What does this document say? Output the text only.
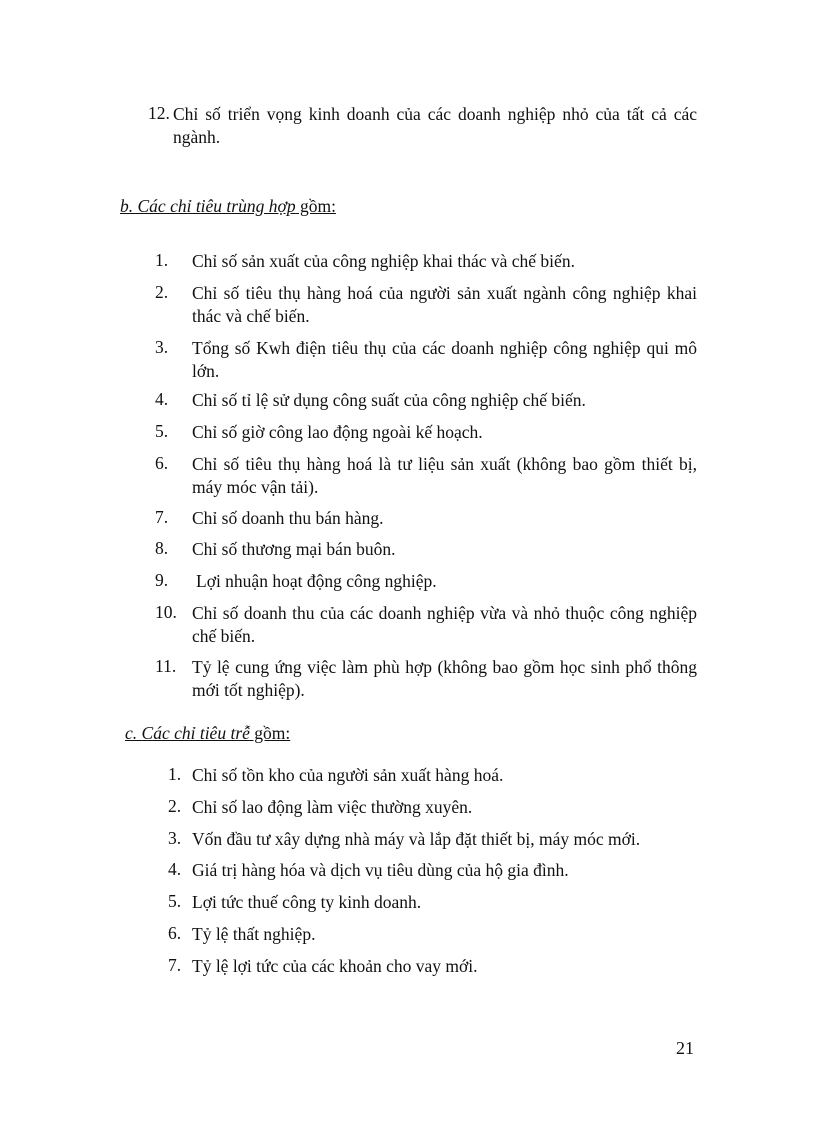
12. Chỉ số triển vọng kinh doanh của các doanh nghiệp nhỏ của tất cả các ngành.
b. Các chỉ tiêu trùng hợp gồm:
1. Chỉ số sản xuất của công nghiệp khai thác và chế biến.
2. Chỉ số tiêu thụ hàng hoá của người sản xuất ngành công nghiệp khai thác và chế biến.
3. Tổng số Kwh điện tiêu thụ của các doanh nghiệp công nghiệp qui mô lớn.
4. Chỉ số tỉ lệ sử dụng công suất của công nghiệp chế biến.
5. Chỉ số giờ công lao động ngoài kế hoạch.
6. Chỉ số tiêu thụ hàng hoá là tư liệu sản xuất (không bao gồm thiết bị, máy móc vận tải).
7. Chỉ số doanh thu bán hàng.
8. Chỉ số thương mại bán buôn.
9. Lợi nhuận hoạt động công nghiệp.
10. Chỉ số doanh thu của các doanh nghiệp vừa và nhỏ thuộc công nghiệp chế biến.
11. Tỷ lệ cung ứng việc làm phù hợp (không bao gồm học sinh phổ thông mới tốt nghiệp).
c. Các chỉ tiêu trễ gồm:
1. Chỉ số tồn kho của người sản xuất hàng hoá.
2. Chỉ số lao động làm việc thường xuyên.
3. Vốn đầu tư xây dựng nhà máy và lắp đặt thiết bị, máy móc mới.
4. Giá trị hàng hóa và dịch vụ tiêu dùng của hộ gia đình.
5. Lợi tức thuế công ty kinh doanh.
6. Tỷ lệ thất nghiệp.
7. Tỷ lệ lợi tức của các khoản cho vay mới.
21
